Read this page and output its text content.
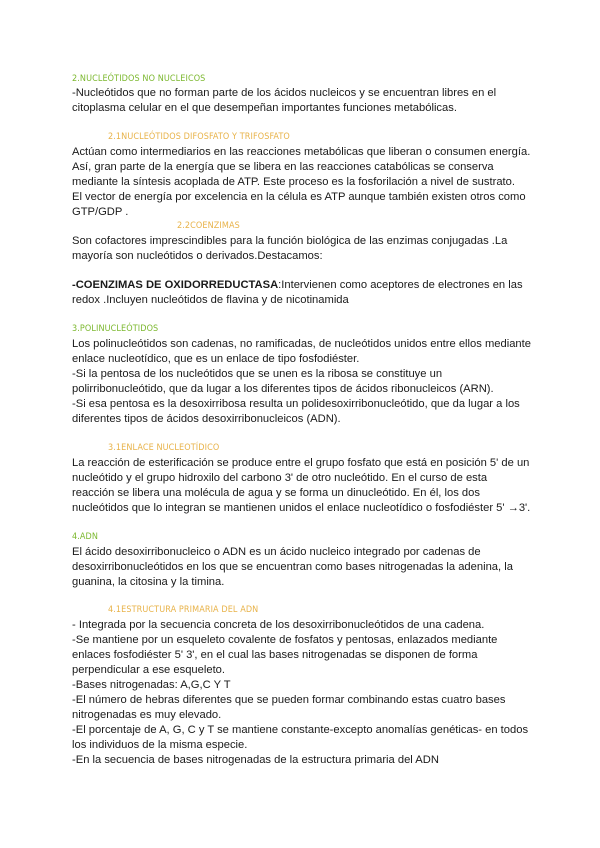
2.NUCLEÓTIDOS NO NUCLEICOS
-Nucleótidos que no forman parte de los ácidos nucleicos y se encuentran libres en el
citoplasma celular en el que desempeñan importantes funciones metabólicas.
2.1NUCLEÓTIDOS DIFOSFATO Y TRIFOSFATO
Actúan como intermediarios en las reacciones metabólicas que liberan o consumen energía.
Así, gran parte de la energía que se libera en las reacciones catabólicas se conserva
mediante la síntesis acoplada de ATP. Este proceso es la fosforilación a nivel de sustrato.
El vector de energía por excelencia en la célula es ATP aunque también existen otros como
GTP/GDP .
2.2COENZIMAS
Son cofactores imprescindibles para la función biológica de las enzimas conjugadas .La
mayoría son nucleótidos o derivados.Destacamos:
-COENZIMAS DE OXIDORREDUCTASA:Intervienen como aceptores de electrones en las
redox .Incluyen nucleótidos de flavina y de nicotinamida
3.POLINUCLEÓTIDOS
Los polinucleótidos son cadenas, no ramificadas, de nucleótidos unidos entre ellos mediante
enlace nucleotídico, que es un enlace de tipo fosfodiéster.
-Si la pentosa de los nucleótidos que se unen es la ribosa se constituye un
polirribonucleótido, que da lugar a los diferentes tipos de ácidos ribonucleicos (ARN).
-Si esa pentosa es la desoxirribosa resulta un polidesoxirribonucleótido, que da lugar a los
diferentes tipos de ácidos desoxirribonucleicos (ADN).
3.1ENLACE NUCLEOTÍDICO
La reacción de esterificación se produce entre el grupo fosfato que está en posición 5' de un
nucleótido y el grupo hidroxilo del carbono 3' de otro nucleótido. En el curso de esta
reacción se libera una molécula de agua y se forma un dinucleótido. En él, los dos
nucleótidos que lo integran se mantienen unidos el enlace nucleotídico o fosfodiéster 5' →3'.
4.ADN
El ácido desoxirribonucleico o ADN es un ácido nucleico integrado por cadenas de
desoxirribonucleótidos en los que se encuentran como bases nitrogenadas la adenina, la
guanina, la citosina y la timina.
4.1ESTRUCTURA PRIMARIA DEL ADN
- Integrada por la secuencia concreta de los desoxirribonucleótidos de una cadena.
-Se mantiene por un esqueleto covalente de fosfatos y pentosas, enlazados mediante
enlaces fosfodiéster 5' 3', en el cual las bases nitrogenadas se disponen de forma
perpendicular a ese esqueleto.
-Bases nitrogenadas: A,G,C Y T
-El número de hebras diferentes que se pueden formar combinando estas cuatro bases
nitrogenadas es muy elevado.
-El porcentaje de A, G, C y T se mantiene constante-excepto anomalías genéticas- en todos
los individuos de la misma especie.
-En la secuencia de bases nitrogenadas de la estructura primaria del ADN
